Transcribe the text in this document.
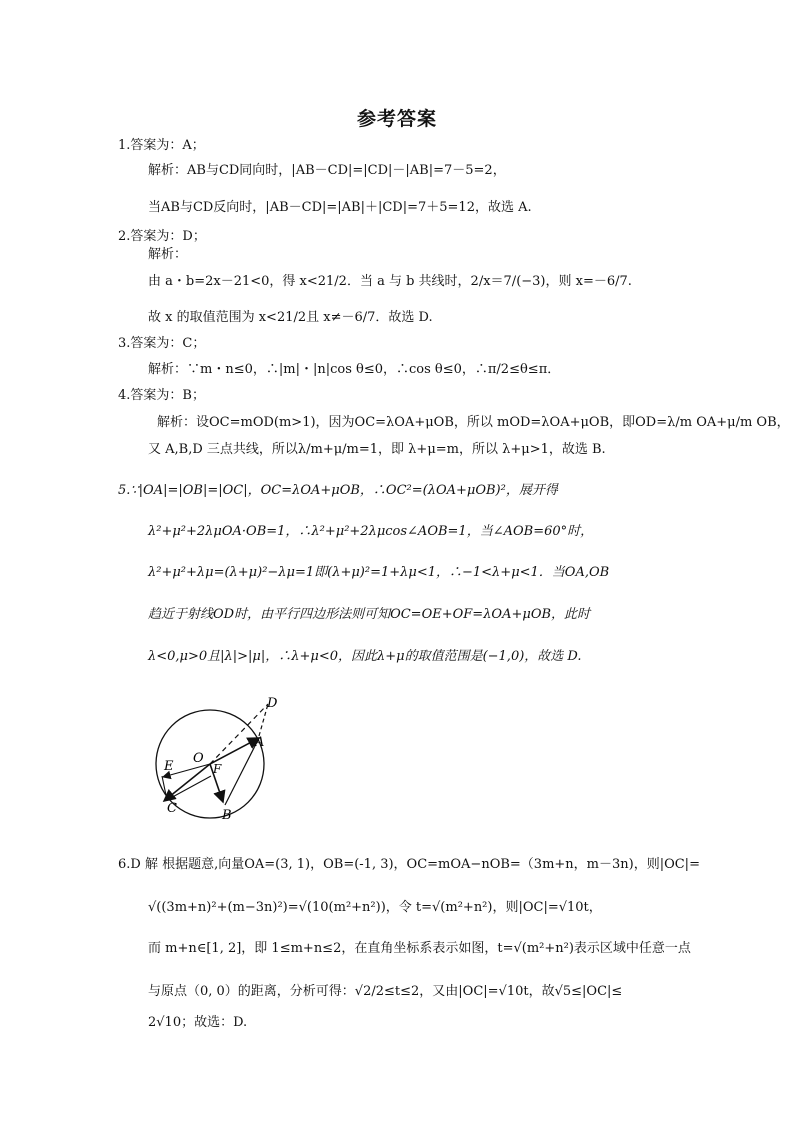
参考答案
1.答案为：A；
解析：AB与CD同向时，|AB－CD|=|CD|－|AB|=7－5=2，
当AB与CD反向时，|AB－CD|=|AB|＋|CD|=7＋5=12，故选 A.
2.答案为：D；
解析：
由 a・b=2x－21<0，得 x<21/2．当 a 与 b 共线时，2/x＝7/(−3)，则 x=－6/7.
故 x 的取值范围为 x<21/2且 x≠－6/7．故选 D.
3.答案为：C；
解析：∵m・n≤0，∴|m|・|n|cos θ≤0，∴cos θ≤0，∴π/2≤θ≤π．
4.答案为：B；
解析：设OC=mOD(m>1)，因为OC=λOA+μOB，所以 mOD=λOA+μOB，即OD=λ/m OA+μ/m OB，
又 A,B,D 三点共线，所以λ/m+μ/m=1，即 λ+μ=m，所以 λ+μ>1，故选 B.
5.∵|OA|=|OB|=|OC|，OC=λOA+μOB，∴OC²=(λOA+μOB)²，展开得
λ²+μ²+2λμOA·OB=1，∴λ²+μ²+2λμcos∠AOB=1，当∠AOB=60°时，
λ²+μ²+λμ=(λ+μ)²−λμ=1即(λ+μ)²=1+λμ<1，∴−1<λ+μ<1．当OA,OB
趋近于射线OD时，由平行四边形法则可知OC=OE+OF=λOA+μOB，此时
λ<0,μ>0且|λ|>|μ|，∴λ+μ<0，因此λ+μ的取值范围是(−1,0)，故选 D.
D
A
O
F
E
C	B
6.D 解 根据题意,向量OA=(3, 1)，OB=(-1, 3)，OC=mOA−nOB=（3m+n，m－3n)，则|OC|=
√((3m+n)²+(m−3n)²)=√(10(m²+n²))，令 t=√(m²+n²)，则|OC|=√10t，
而 m+n∈[1, 2]，即 1≤m+n≤2，在直角坐标系表示如图，t=√(m²+n²)表示区域中任意一点
与原点（0, 0）的距离，分析可得：√2/2≤t≤2，又由|OC|=√10t，故√5≤|OC|≤
2√10；故选：D.
